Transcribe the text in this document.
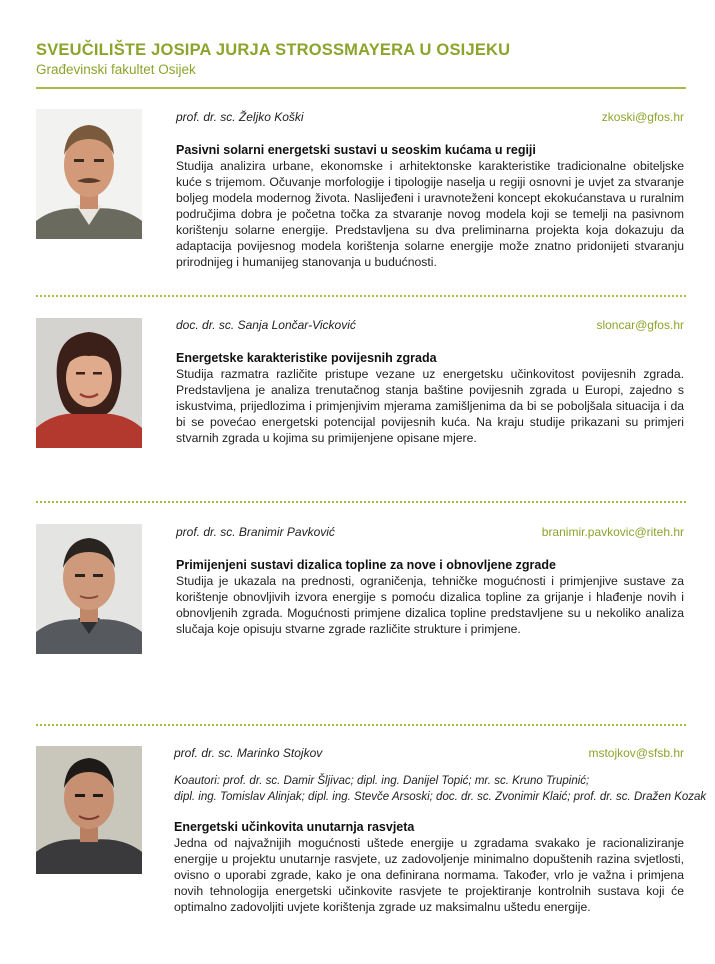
SVEUČILIŠTE JOSIPA JURJA STROSSMAYERA U OSIJEKU
Građevinski fakultet Osijek
prof. dr. sc. Željko Koški	zkoski@gfos.hr
Pasivni solarni energetski sustavi u seoskim kućama u regiji
Studija analizira urbane, ekonomske i arhitektonske karakteristike tradicionalne obiteljske kuće s trijemom. Očuvanje morfologije i tipologije naselja u regiji osnovni je uvjet za stvaranje boljeg modela modernog života. Naslijeđeni i uravnoteženi koncept ekokućanstava u ruralnim područjima dobra je početna točka za stvaranje novog modela koji se temelji na pasivnom korištenju solarne energije. Predstavljena su dva preliminarna projekta koja dokazuju da adaptacija povijesnog modela korištenja solarne energije može znatno pridonijeti stvaranju prirodnijeg i humanijeg stanovanja u budućnosti.
doc. dr. sc. Sanja Lončar-Vicković	sloncar@gfos.hr
Energetske karakteristike povijesnih zgrada
Studija razmatra različite pristupe vezane uz energetsku učinkovitost povijesnih zgrada. Predstavljena je analiza trenutačnog stanja baštine povijesnih zgrada u Europi, zajedno s iskustvima, prijedlozima i primjenjivim mjerama zamišljenima da bi se poboljšala situacija i da bi se povećao energetski potencijal povijesnih kuća. Na kraju studije prikazani su primjeri stvarnih zgrada u kojima su primijenjene opisane mjere.
prof. dr. sc. Branimir Pavković	branimir.pavkovic@riteh.hr
Primijenjeni sustavi dizalica topline za nove i obnovljene zgrade
Studija je ukazala na prednosti, ograničenja, tehničke mogućnosti i primjenjive sustave za korištenje obnovljivih izvora energije s pomoću dizalica topline za grijanje i hlađenje novih i obnovljenih zgrada. Mogućnosti primjene dizalica topline predstavljene su u nekoliko analiza slučaja koje opisuju stvarne zgrade različite strukture i primjene.
prof. dr. sc. Marinko Stojkov	mstojkov@sfsb.hr
Koautori: prof. dr. sc. Damir Šljivac; dipl. ing. Danijel Topić; mr. sc. Kruno Trupinić;
dipl. ing. Tomislav Alinjak; dipl. ing. Stevče Arsoski; doc. dr. sc. Zvonimir Klaić; prof. dr. sc. Dražen Kozak
Energetski učinkovita unutarnja rasvjeta
Jedna od najvažnijih mogućnosti uštede energije u zgradama svakako je racionaliziranje energije u projektu unutarnje rasvjete, uz zadovoljenje minimalno dopuštenih razina svjetlosti, ovisno o uporabi zgrade, kako je ona definirana normama. Također, vrlo je važna i primjena novih tehnologija energetski učinkovite rasvjete te projektiranje kontrolnih sustava koji će optimalno zadovoljiti uvjete korištenja zgrade uz maksimalnu uštedu energije.
